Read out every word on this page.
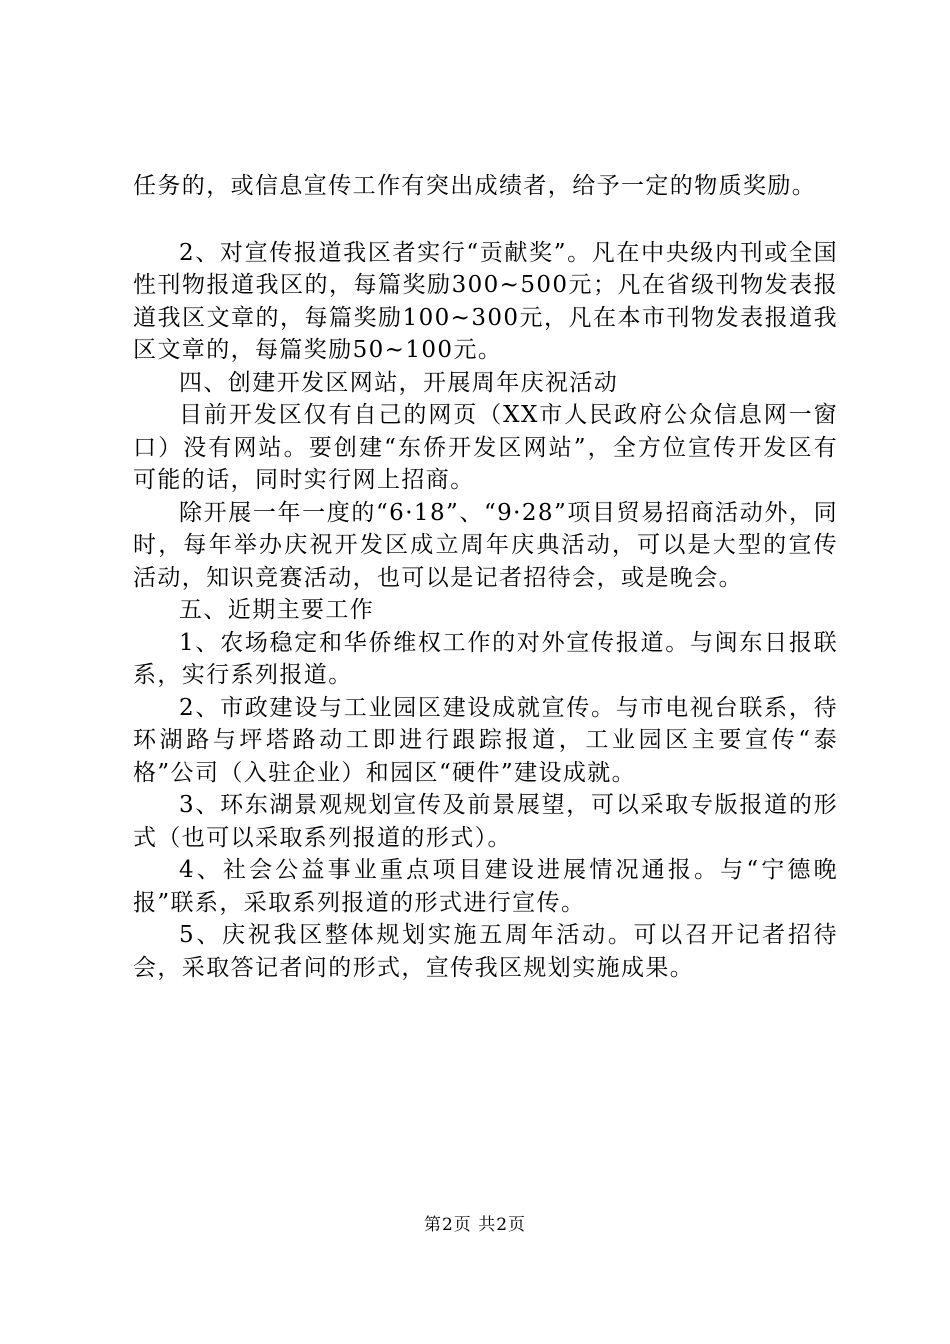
任务的，或信息宣传工作有突出成绩者，给予一定的物质奖励。

2、对宣传报道我区者实行“贡献奖”。凡在中央级内刊或全国性刊物报道我区的，每篇奖励300~500元；凡在省级刊物发表报道我区文章的，每篇奖励100~300元，凡在本市刊物发表报道我区文章的，每篇奖励50~100元。

四、创建开发区网站，开展周年庆祝活动

目前开发区仅有自己的网页（XX市人民政府公众信息网一窗口）没有网站。要创建“东侨开发区网站”，全方位宣传开发区有可能的话，同时实行网上招商。

除开展一年一度的“6·18”、“9·28”项目贸易招商活动外，同时，每年举办庆祝开发区成立周年庆典活动，可以是大型的宣传活动，知识竞赛活动，也可以是记者招待会，或是晚会。

五、近期主要工作

1、农场稳定和华侨维权工作的对外宣传报道。与闽东日报联系，实行系列报道。

2、市政建设与工业园区建设成就宣传。与市电视台联系，待环湖路与坪塔路动工即进行跟踪报道，工业园区主要宣传“泰格”公司（入驻企业）和园区“硬件”建设成就。

3、环东湖景观规划宣传及前景展望，可以采取专版报道的形式（也可以采取系列报道的形式）。

4、社会公益事业重点项目建设进展情况通报。与“宁德晚报”联系，采取系列报道的形式进行宣传。

5、庆祝我区整体规划实施五周年活动。可以召开记者招待会，采取答记者问的形式，宣传我区规划实施成果。

第2页 共2页
